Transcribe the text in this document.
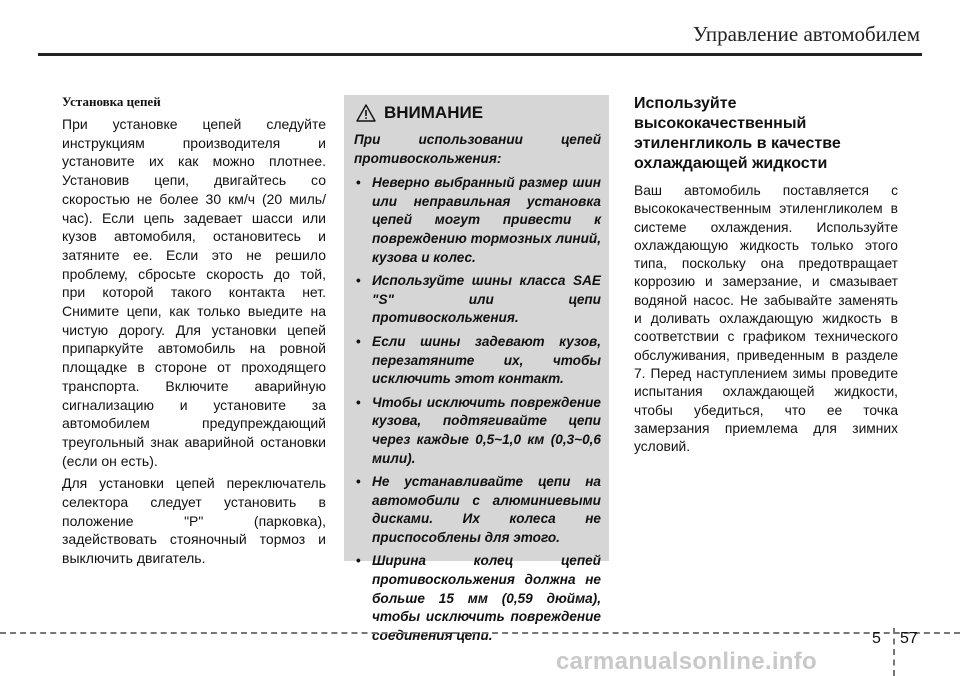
Управление автомобилем

Установка цепей

При установке цепей следуйте инструкциям производителя и установите их как можно плотнее. Установив цепи, двигайтесь со скоростью не более 30 км/ч (20 миль/час). Если цепь задевает шасси или кузов автомобиля, остановитесь и затяните ее. Если это не решило проблему, сбросьте скорость до той, при которой такого контакта нет. Снимите цепи, как только выедите на чистую дорогу. Для установки цепей припаркуйте автомобиль на ровной площадке в стороне от проходящего транспорта. Включите аварийную сигнализацию и установите за автомобилем предупреждающий треугольный знак аварийной остановки (если он есть).

Для установки цепей переключатель селектора следует установить в положение "P" (парковка), задействовать стояночный тормоз и выключить двигатель.

ВНИМАНИЕ

При использовании цепей противоскольжения:

• Неверно выбранный размер шин или неправильная установка цепей могут привести к повреждению тормозных линий, кузова и колес.
• Используйте шины класса SAE "S" или цепи противоскольжения.
• Если шины задевают кузов, перезатяните их, чтобы исключить этот контакт.
• Чтобы исключить повреждение кузова, подтягивайте цепи через каждые 0,5~1,0 км (0,3~0,6 мили).
• Не устанавливайте цепи на автомобили с алюминиевыми дисками. Их колеса не приспособлены для этого.
• Ширина колец цепей противоскольжения должна не больше 15 мм (0,59 дюйма), чтобы исключить повреждение соединения цепи.

Используйте высококачественный этиленгликоль в качестве охлаждающей жидкости

Ваш автомобиль поставляется с высококачественным этиленгликолем в системе охлаждения. Используйте охлаждающую жидкость только этого типа, поскольку она предотвращает коррозию и замерзание, и смазывает водяной насос. Не забывайте заменять и доливать охлаждающую жидкость в соответствии с графиком технического обслуживания, приведенным в разделе 7. Перед наступлением зимы проведите испытания охлаждающей жидкости, чтобы убедиться, что ее точка замерзания приемлема для зимних условий.

5 57
carmanualsonline.info
